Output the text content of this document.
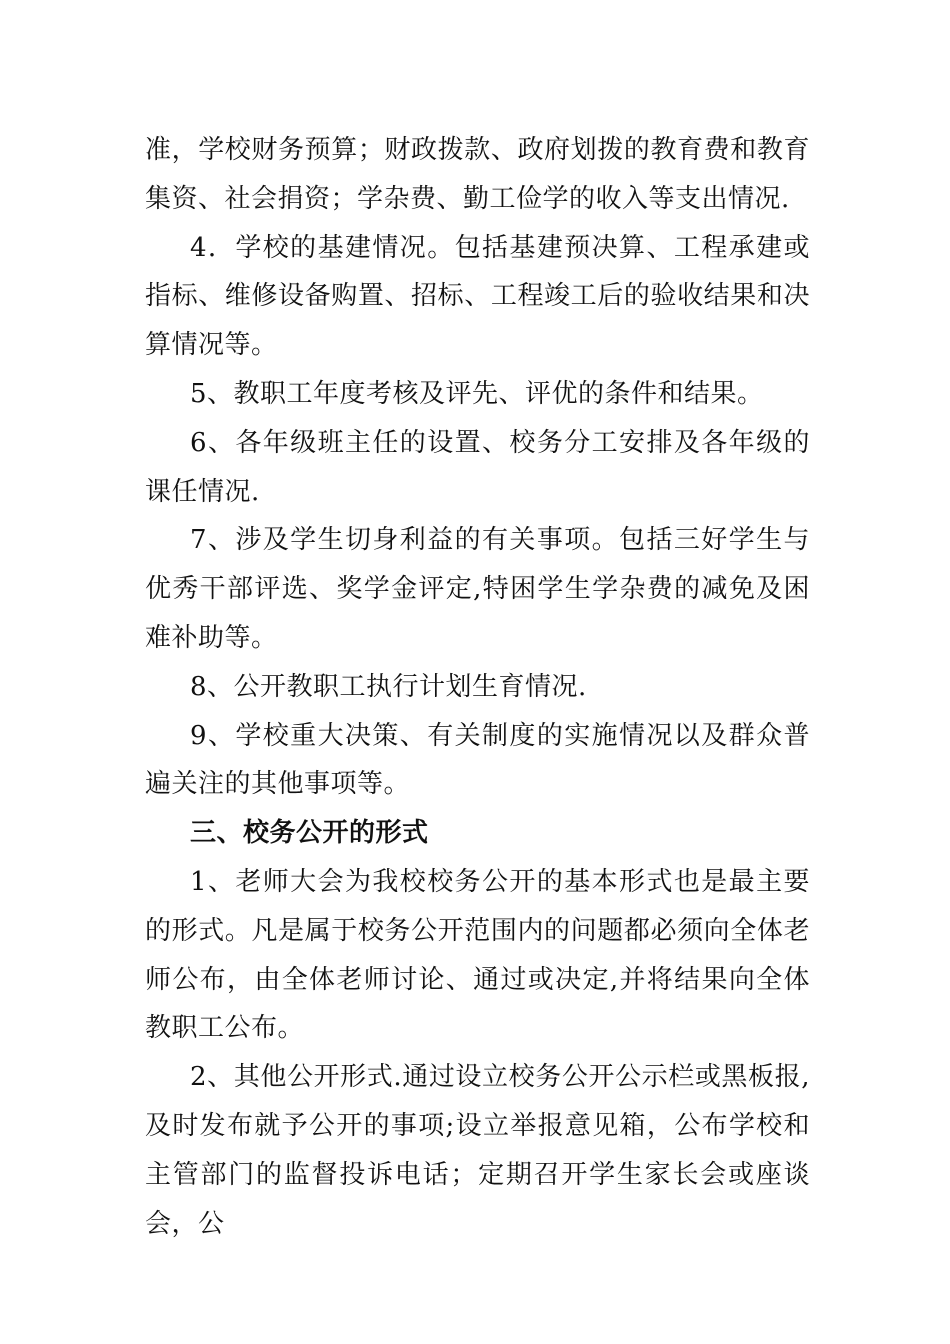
准，学校财务预算；财政拨款、政府划拨的教育费和教育集资、社会捐资；学杂费、勤工俭学的收入等支出情况.

4．学校的基建情况。包括基建预决算、工程承建或指标、维修设备购置、招标、工程竣工后的验收结果和决算情况等。

5、教职工年度考核及评先、评优的条件和结果。

6、各年级班主任的设置、校务分工安排及各年级的课任情况.

7、涉及学生切身利益的有关事项。包括三好学生与优秀干部评选、奖学金评定,特困学生学杂费的减免及困难补助等。

8、公开教职工执行计划生育情况.

9、学校重大决策、有关制度的实施情况以及群众普遍关注的其他事项等。

三、校务公开的形式

1、老师大会为我校校务公开的基本形式也是最主要的形式。凡是属于校务公开范围内的问题都必须向全体老师公布，由全体老师讨论、通过或决定,并将结果向全体教职工公布。

2、其他公开形式.通过设立校务公开公示栏或黑板报,及时发布就予公开的事项;设立举报意见箱，公布学校和主管部门的监督投诉电话；定期召开学生家长会或座谈会，公
